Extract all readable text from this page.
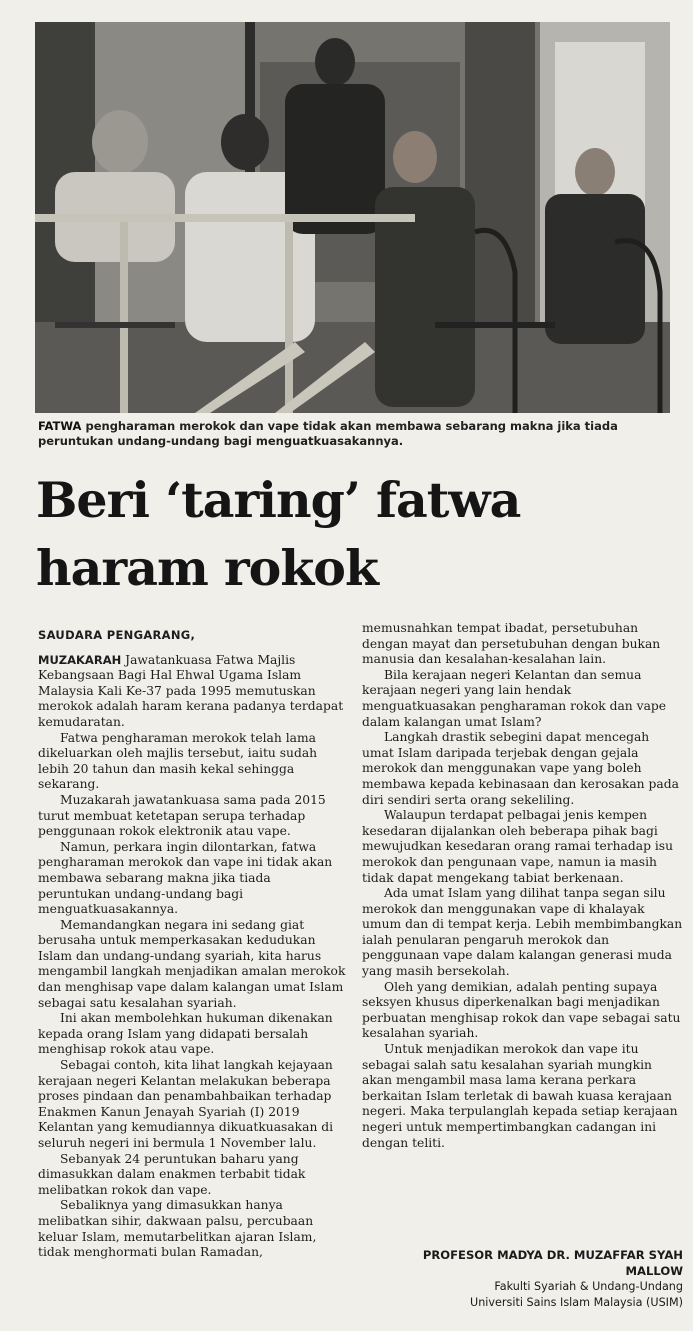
FATWA pengharaman merokok dan vape tidak akan membawa sebarang makna jika tiada peruntukan undang-undang bagi menguatkuasakannya.
Beri ‘taring’ fatwa
haram rokok

SAUDARA PENGARANG,

MUZAKARAH Jawatankuasa Fatwa Majlis Kebangsaan Bagi Hal Ehwal Ugama Islam Malaysia Kali Ke-37 pada 1995 memutuskan merokok adalah haram kerana padanya terdapat kemudaratan.

Fatwa pengharaman merokok telah lama dikeluarkan oleh majlis tersebut, iaitu sudah lebih 20 tahun dan masih kekal sehingga sekarang.

Muzakarah jawatankuasa sama pada 2015 turut membuat ketetapan serupa terhadap penggunaan rokok elektronik atau vape.

Namun, perkara ingin dilontarkan, fatwa pengharaman merokok dan vape ini tidak akan membawa sebarang makna jika tiada peruntukan undang-undang bagi menguatkuasakannya.

Memandangkan negara ini sedang giat berusaha untuk memperkasakan kedudukan Islam dan undang-undang syariah, kita harus mengambil langkah menjadikan amalan merokok dan menghisap vape dalam kalangan umat Islam sebagai satu kesalahan syariah.

Ini akan membolehkan hukuman dikenakan kepada orang Islam yang didapati bersalah menghisap rokok atau vape.

Sebagai contoh, kita lihat langkah kejayaan kerajaan negeri Kelantan melakukan beberapa proses pindaan dan penambahbaikan terhadap Enakmen Kanun Jenayah Syariah (I) 2019 Kelantan yang kemudiannya dikuatkuasakan di seluruh negeri ini bermula 1 November lalu.

Sebanyak 24 peruntukan baharu yang dimasukkan dalam enakmen terbabit tidak melibatkan rokok dan vape.

Sebaliknya yang dimasukkan hanya melibatkan sihir, dakwaan palsu, percubaan keluar Islam, memutarbelitkan ajaran Islam, tidak menghormati bulan Ramadan,

memusnahkan tempat ibadat, persetubuhan dengan mayat dan persetubuhan dengan bukan manusia dan kesalahan-kesalahan lain.

Bila kerajaan negeri Kelantan dan semua kerajaan negeri yang lain hendak menguatkuasakan pengharaman rokok dan vape dalam kalangan umat Islam?

Langkah drastik sebegini dapat mencegah umat Islam daripada terjebak dengan gejala merokok dan menggunakan vape yang boleh membawa kepada kebinasaan dan kerosakan pada diri sendiri serta orang sekeliling.

Walaupun terdapat pelbagai jenis kempen kesedaran dijalankan oleh beberapa pihak bagi mewujudkan kesedaran orang ramai terhadap isu merokok dan pengunaan vape, namun ia masih tidak dapat mengekang tabiat berkenaan.

Ada umat Islam yang dilihat tanpa segan silu merokok dan menggunakan vape di khalayak umum dan di tempat kerja. Lebih membimbangkan ialah penularan pengaruh merokok dan penggunaan vape dalam kalangan generasi muda yang masih bersekolah.

Oleh yang demikian, adalah penting supaya seksyen khusus diperkenalkan bagi menjadikan perbuatan menghisap rokok dan vape sebagai satu kesalahan syariah.

Untuk menjadikan merokok dan vape itu sebagai salah satu kesalahan syariah mungkin akan mengambil masa lama kerana perkara berkaitan Islam terletak di bawah kuasa kerajaan negeri. Maka terpulanglah kepada setiap kerajaan negeri untuk mempertimbangkan cadangan ini dengan teliti.

PROFESOR MADYA DR. MUZAFFAR SYAH
MALLOW
Fakulti Syariah & Undang-Undang
Universiti Sains Islam Malaysia (USIM)
